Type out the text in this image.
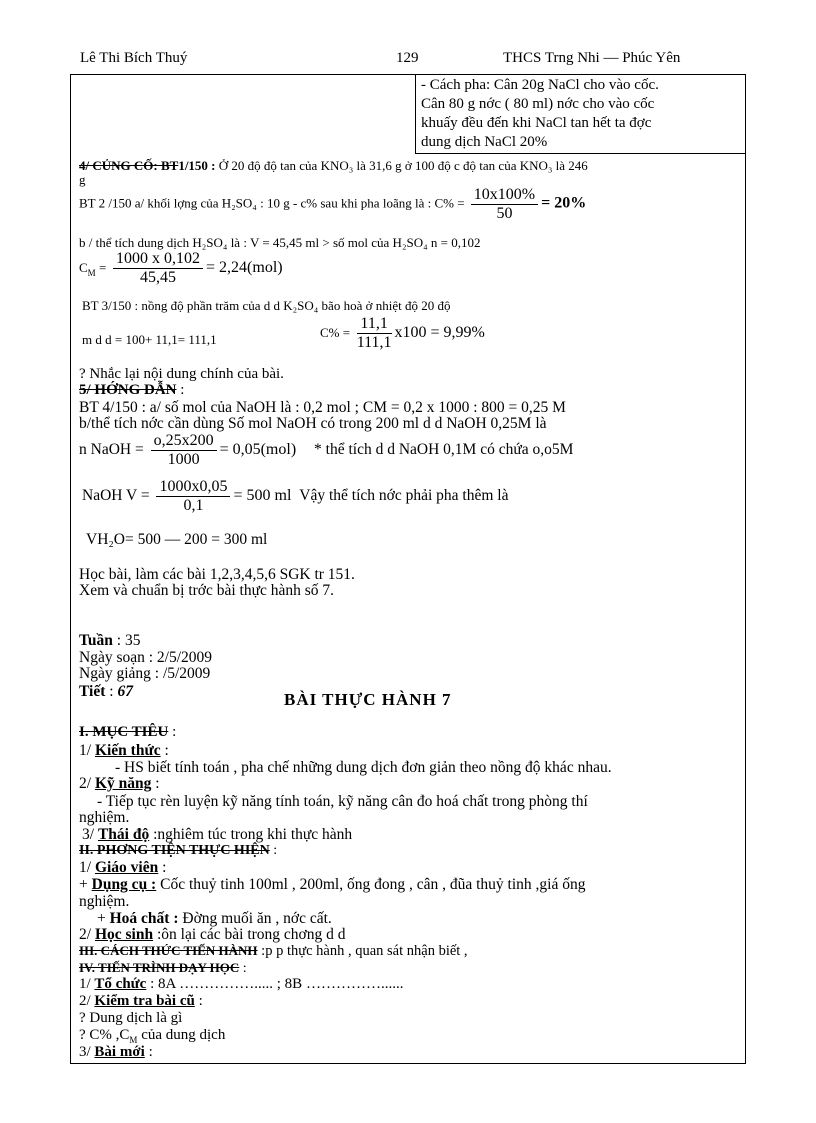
Lê Thi Bích Thuý	129	THCS Trng Nhi — Phúc Yên
- Cách pha: Cân 20g NaCl cho vào cốc.
Cân 80 g nớc ( 80 ml) nớc cho vào cốc
khuấy đều đến khi NaCl tan hết ta đợc
dung dịch NaCl 20%
4/ CỦNG CỐ: BT1/150 : Ở 20 độ độ tan của KNO₃ là 31,6 g ở 100 độ c độ tan của KNO₃ là 246
g
BT 2 /150 a/ khối lợng của H₂SO₄ : 10 g - c% sau khi pha loãng là : $C\% = \frac{10x100\%}{50} = 20\%$
b / thể tích dung dịch H₂SO₄ là : V = 45,45 ml > số mol của H₂SO₄ n = 0,102
$C_M = \frac{1000 x 0,102}{45,45} = 2,24(mol)$
BT 3/150 : nồng độ phần trăm của d d K₂SO₄ bão hoà ở nhiệt độ 20 độ
m d d = 100+ 11,1= 111,1	$C\% = \frac{11,1}{111,1} x100 = 9,99\%$
? Nhắc lại nội dung chính của bài.
5/ HỚNG DẪN :
BT 4/150 : a/ số mol của NaOH là : 0,2 mol ; CM = 0,2 x 1000 : 800 = 0,25 M
b/thể tích nớc cần dùng Số mol NaOH có trong 200 ml d d NaOH 0,25M là
n NaOH = $\frac{o,25x200}{1000} = 0,05(mol)$ * thể tích d d NaOH 0,1M có chứa o,o5M
NaOH $V = \frac{1000x0,05}{0,1} = 500$ ml Vậy thể tích nớc phải pha thêm là
VH₂O= 500 — 200 = 300 ml
Học bài, làm các bài 1,2,3,4,5,6 SGK tr 151.
Xem và chuẩn bị trớc bài thực hành số 7.
Tuần : 35
Ngày soạn : 2/5/2009
Ngày giảng : /5/2009
Tiết : 67	BÀI THỰC HÀNH 7
I. MỤC TIÊU :
1/ Kiến thức :
- HS biết tính toán , pha chế những dung dịch đơn giản theo nồng độ khác nhau.
2/ Kỹ năng :
- Tiếp tục rèn luyện kỹ năng tính toán, kỹ năng cân đo hoá chất trong phòng thí
nghiệm.
3/ Thái độ :nghiêm túc trong khi thực hành
II. PHƠNG TIỆN THỰC HIỆN :
1/ Giáo viên :
+ Dụng cụ : Cốc thuỷ tinh 100ml , 200ml, ống đong , cân , đũa thuỷ tinh ,giá ống
nghiệm.
+ Hoá chất : Đờng muối ăn , nớc cất.
2/ Học sinh :ôn lại các bài trong chơng d d
III. CÁCH THỨC TIẾN HÀNH :p p thực hành , quan sát nhận biết ,
IV. TIẾN TRÌNH DẠY HỌC :
1/ Tổ chức : 8A ……………..... ; 8B ……………......
2/ Kiểm tra bài cũ :
? Dung dịch là gì
? C% $,C_M$ của dung dịch
3/ Bài mới :
